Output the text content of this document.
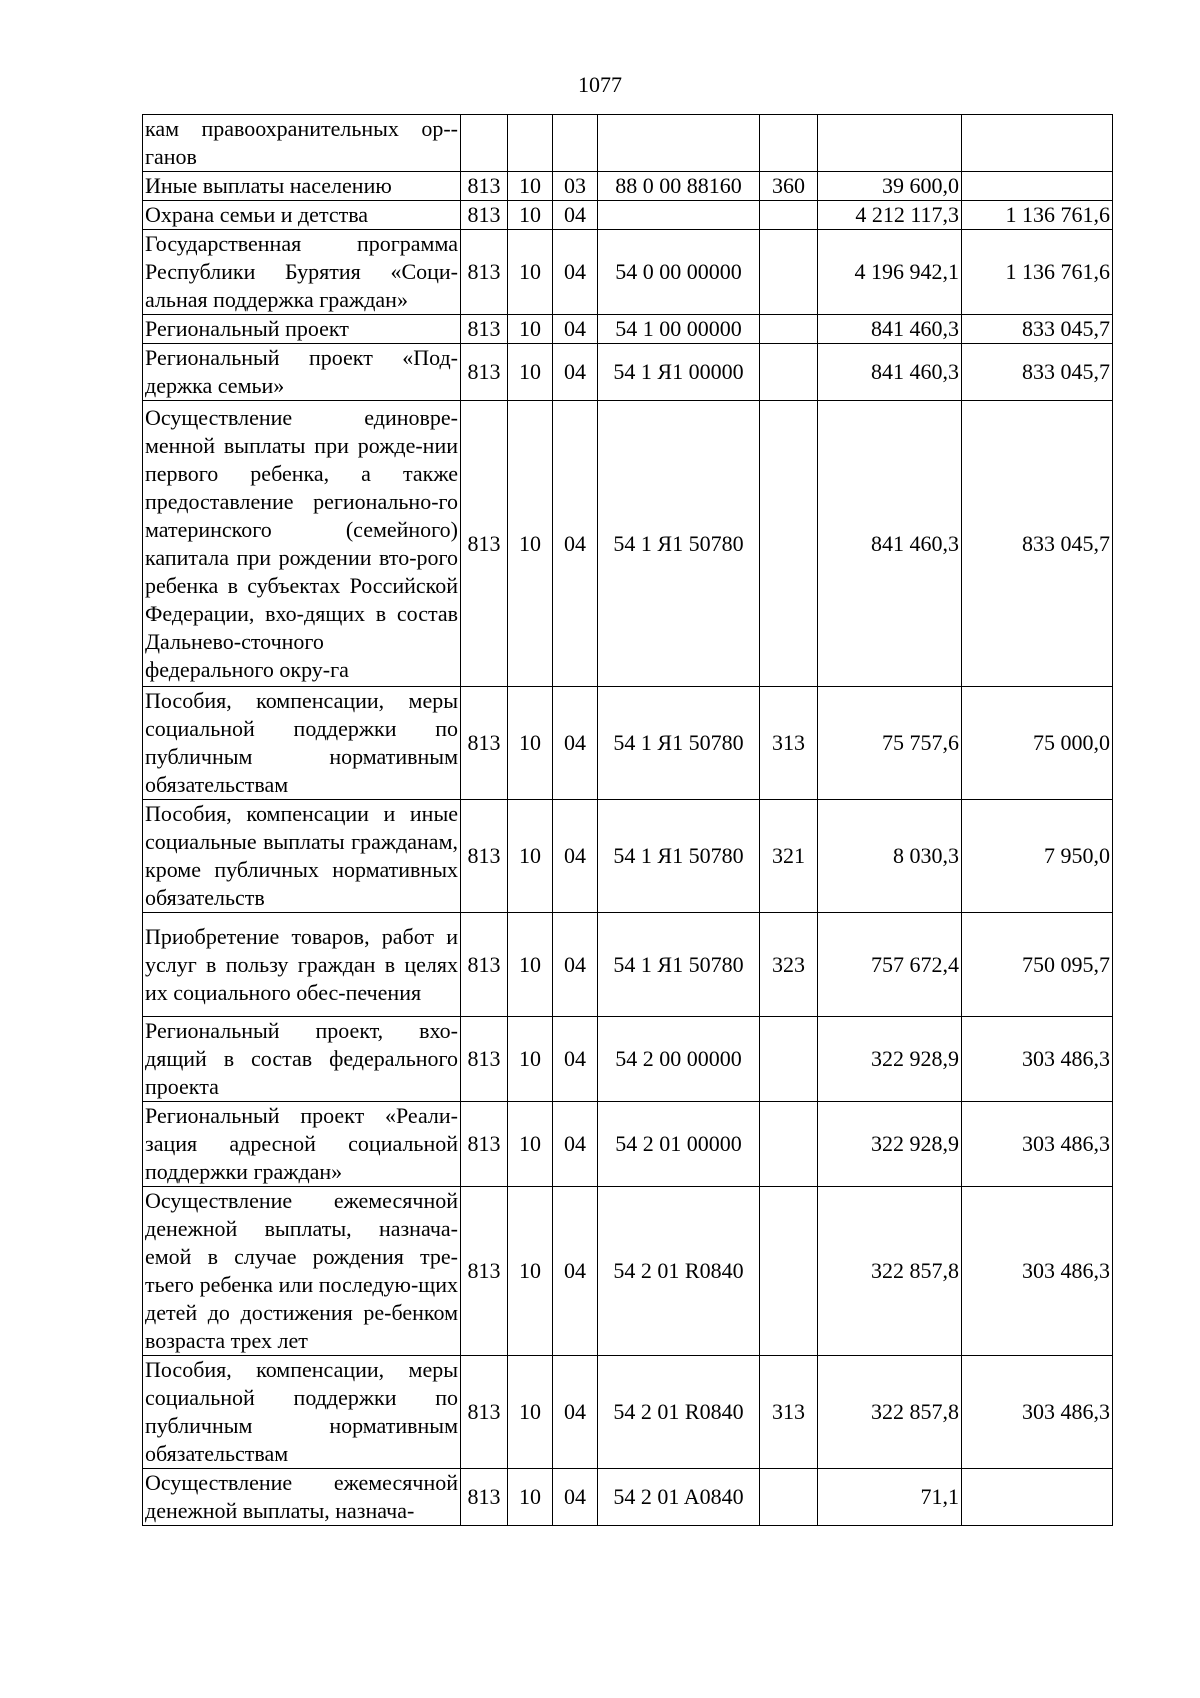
1077
кам правоохранительных ор-ганов							
Иные выплаты населению	813	10	03	88 0 00 88160	360	39 600,0	
Охрана семьи и детства	813	10	04			4 212 117,3	1 136 761,6
Государственная программа Республики Бурятия «Соци-альная поддержка граждан»	813	10	04	54 0 00 00000		4 196 942,1	1 136 761,6
Региональный проект	813	10	04	54 1 00 00000		841 460,3	833 045,7
Региональный проект «Под-держка семьи»	813	10	04	54 1 Я1 00000		841 460,3	833 045,7
Осуществление единовре-менной выплаты при рожде-нии первого ребенка, а также предоставление регионально-го материнского (семейного) капитала при рождении вто-рого ребенка в субъектах Российской Федерации, вхо-дящих в состав Дальнево-сточного федерального окру-га	813	10	04	54 1 Я1 50780		841 460,3	833 045,7
Пособия, компенсации, меры социальной поддержки по публичным нормативным обязательствам	813	10	04	54 1 Я1 50780	313	75 757,6	75 000,0
Пособия, компенсации и иные социальные выплаты гражданам, кроме публичных нормативных обязательств	813	10	04	54 1 Я1 50780	321	8 030,3	7 950,0
Приобретение товаров, работ и услуг в пользу граждан в целях их социального обес-печения	813	10	04	54 1 Я1 50780	323	757 672,4	750 095,7
Региональный проект, вхо-дящий в состав федерального проекта	813	10	04	54 2 00 00000		322 928,9	303 486,3
Региональный проект «Реали-зация адресной социальной поддержки граждан»	813	10	04	54 2 01 00000		322 928,9	303 486,3
Осуществление ежемесячной денежной выплаты, назнача-емой в случае рождения тре-тьего ребенка или последую-щих детей до достижения ре-бенком возраста трех лет	813	10	04	54 2 01 R0840		322 857,8	303 486,3
Пособия, компенсации, меры социальной поддержки по публичным нормативным обязательствам	813	10	04	54 2 01 R0840	313	322 857,8	303 486,3
Осуществление ежемесячной денежной выплаты, назнача-	813	10	04	54 2 01 A0840		71,1	
